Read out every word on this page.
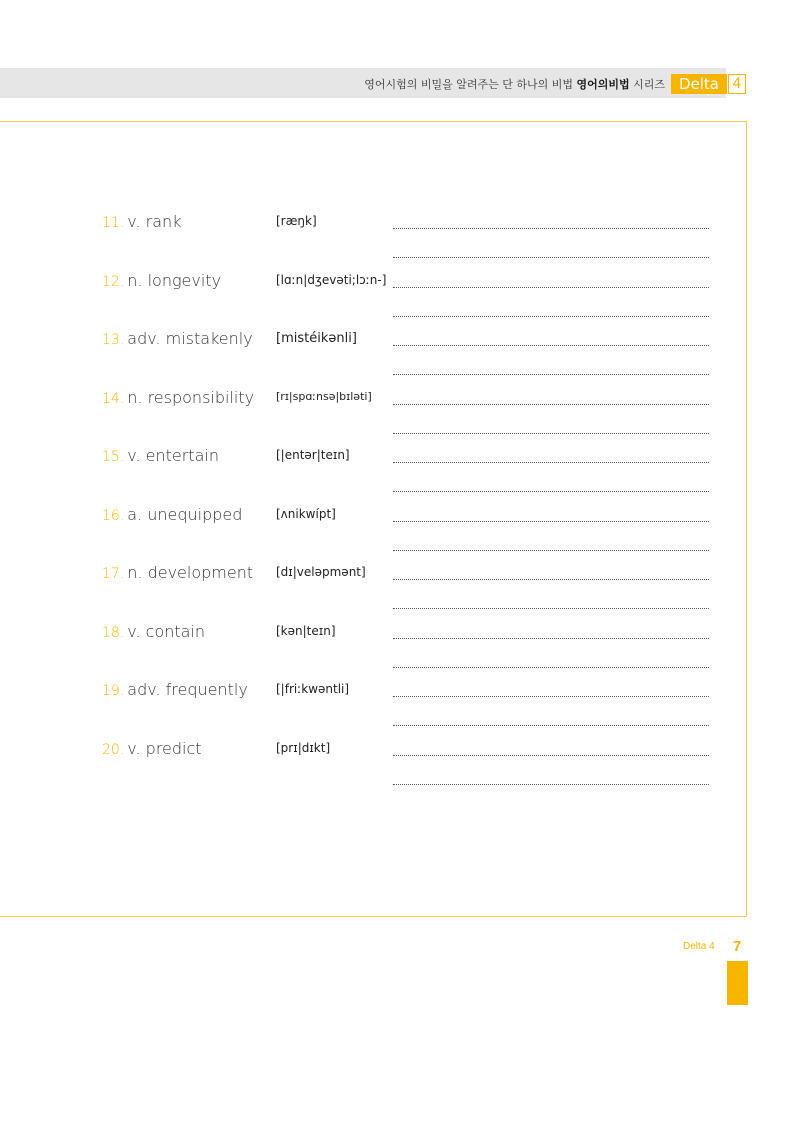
영어시험의 비밀을 알려주는 단 하나의 비법 영어의비법 시리즈 Delta 4
11. v. rank	[ræŋk]
12. n. longevity	[lɑːn|dʒevəti;lɔːn-]
13. adv. mistakenly [mistéikənli]
14. n. responsibility [rɪ|spɑːnsə|bɪləti]
15. v. entertain	[|entər|teɪn]
16. a. unequipped	[ʌnikwípt]
17. n. development [dɪ|veləpmənt]
18. v. contain	[kən|teɪn]
19. adv. frequently [|friːkwəntli]
20. v. predict	[prɪ|dɪkt]
Delta 4 7
